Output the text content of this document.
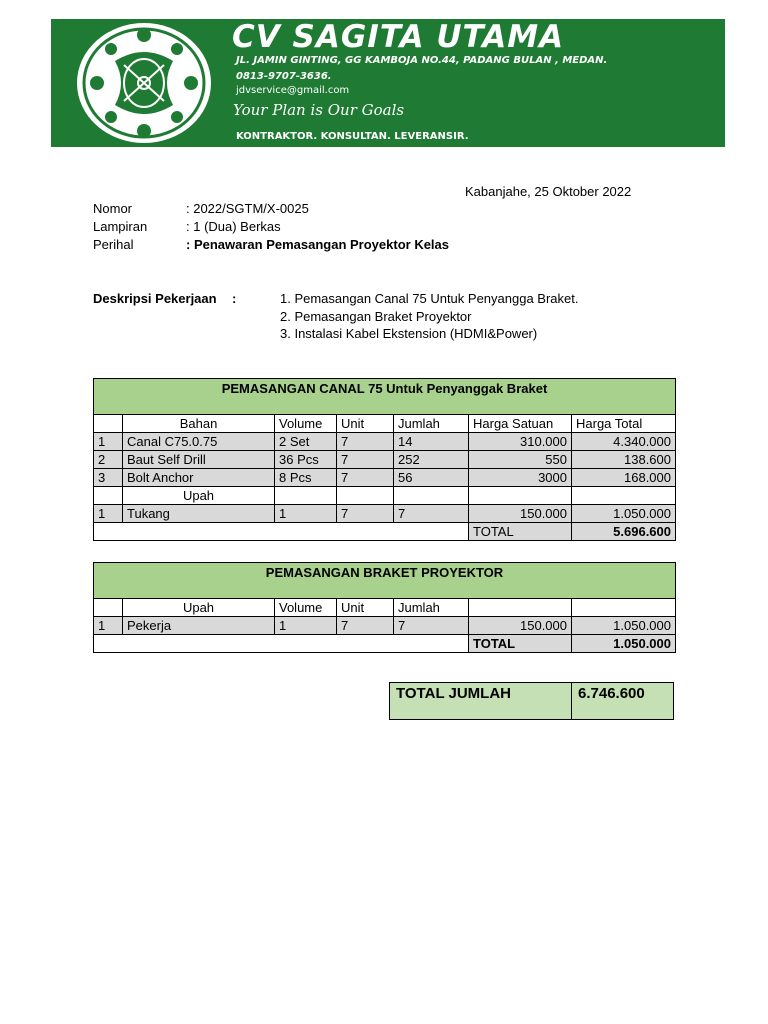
CV SAGITA UTAMA
JL. JAMIN GINTING, GG KAMBOJA NO.44, PADANG BULAN , MEDAN.
0813-9707-3636.
jdvservice@gmail.com
Your Plan is Our Goals
KONTRAKTOR. KONSULTAN. LEVERANSIR.
Kabanjahe, 25 Oktober 2022
Nomor	: 2022/SGTM/X-0025
Lampiran	: 1 (Dua) Berkas
Perihal	: Penawaran Pemasangan Proyektor Kelas
Deskripsi Pekerjaan :	1. Pemasangan Canal 75 Untuk Penyangga Braket.
2. Pemasangan Braket Proyektor
3. Instalasi Kabel Ekstension (HDMI&Power)
PEMASANGAN CANAL 75 Untuk Penyanggak Braket						
	Bahan	Volume	Unit	Jumlah	Harga Satuan	Harga Total
1	Canal C75.0.75	2 Set	7	14	310.000	4.340.000
2	Baut Self Drill	36 Pcs	7	252	550	138.600
3	Bolt Anchor	8 Pcs	7	56	3000	168.000
	Upah					
1	Tukang	1	7	7	150.000	1.050.000
					TOTAL	5.696.600
PEMASANGAN BRAKET PROYEKTOR						
	Upah	Volume	Unit	Jumlah		
1	Pekerja	1	7	7	150.000	1.050.000
					TOTAL	1.050.000
TOTAL JUMLAH	6.746.600
